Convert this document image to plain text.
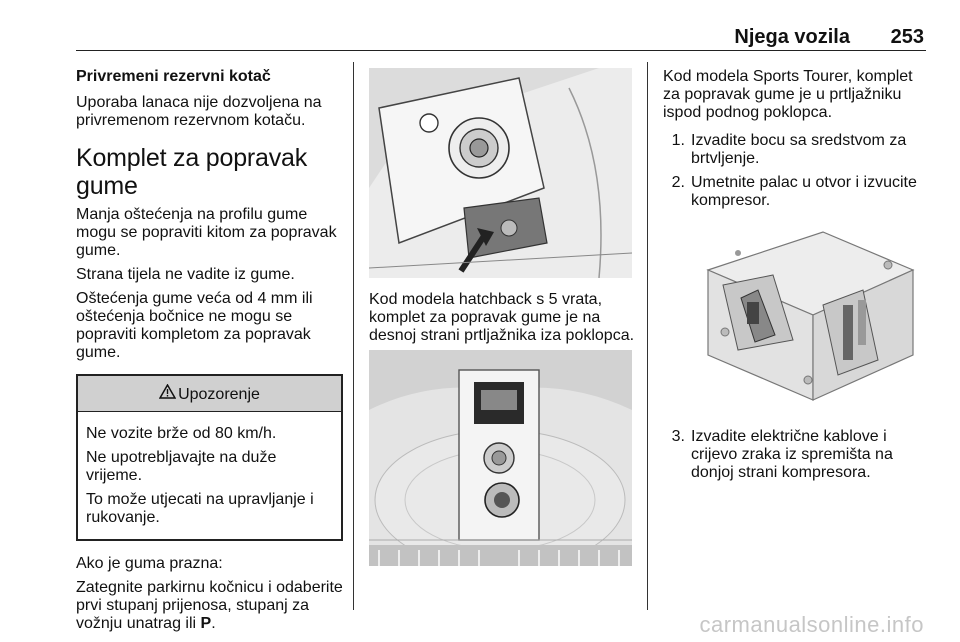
Njega vozila 253
Privremeni rezervni kotač

Uporaba lanaca nije dozvoljena na privremenom rezervnom kotaču.

Komplet za popravak gume

Manja oštećenja na profilu gume mogu se popraviti kitom za popravak gume.

Strana tijela ne vadite iz gume.

Oštećenja gume veća od 4 mm ili oštećenja bočnice ne mogu se popraviti kompletom za popravak gume.

Upozorenje

Ne vozite brže od 80 km/h.

Ne upotrebljavajte na duže vrijeme.

To može utjecati na upravljanje i rukovanje.

Ako je guma prazna:

Zategnite parkirnu kočnicu i odaberite prvi stupanj prijenosa, stupanj za vožnju unatrag ili P.

Kod modela hatchback s 5 vrata, komplet za popravak gume je na desnoj strani prtljažnika iza poklopca.

Kod modela Sports Tourer, komplet za popravak gume je u prtljažniku ispod podnog poklopca.

1. Izvadite bocu sa sredstvom za brtvljenje.
2. Umetnite palac u otvor i izvucite kompresor.
3. Izvadite električne kablove i crijevo zraka iz spremišta na donjoj strani kompresora.
carmanualsonline.info
